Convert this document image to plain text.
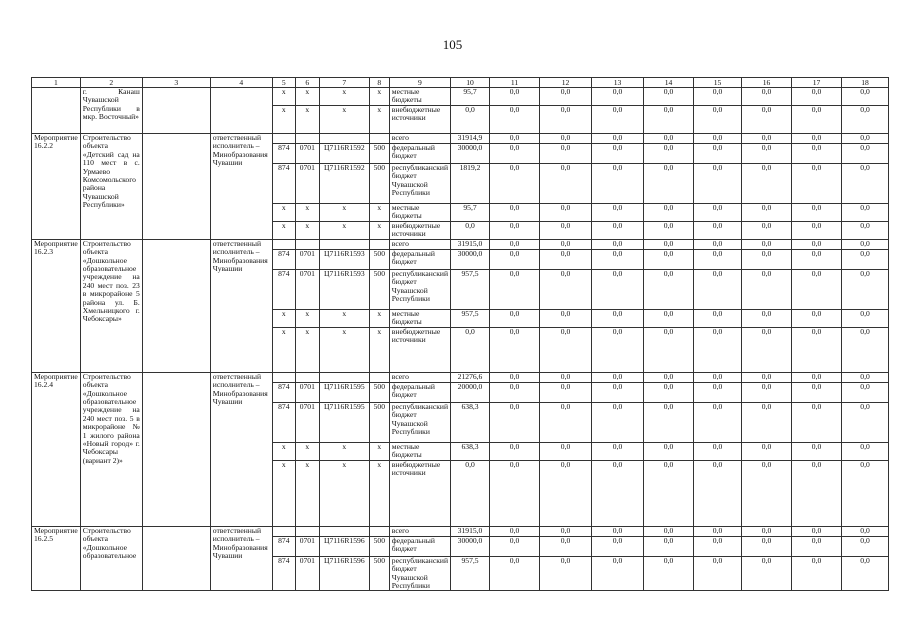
105
1	2	3	4	5	6	7	8	9	10	11	12	13	14	15	16	17	18
	г. Канаш Чувашской Республики в мкр. Восточный»			x	x	x	x	местные бюджеты	95,7	0,0	0,0	0,0	0,0	0,0	0,0	0,0	0,0
				x	x	x	x	внебюджетные источники	0,0	0,0	0,0	0,0	0,0	0,0	0,0	0,0	0,0
Мероприятие 16.2.2	Строительство объекта «Детский сад на 110 мест в с. Урмаево Комсомольского района Чувашской Республики»		ответственный исполнитель – Минобразования Чувашии					всего	31914,9	0,0	0,0	0,0	0,0	0,0	0,0	0,0	0,0
				874	0701	Ц7116R1592	500	федеральный бюджет	30000,0	0,0	0,0	0,0	0,0	0,0	0,0	0,0	0,0
				874	0701	Ц7116R1592	500	республиканский бюджет Чувашской Республики	1819,2	0,0	0,0	0,0	0,0	0,0	0,0	0,0	0,0
				x	x	x	x	местные бюджеты	95,7	0,0	0,0	0,0	0,0	0,0	0,0	0,0	0,0
				x	x	x	x	внебюджетные источники	0,0	0,0	0,0	0,0	0,0	0,0	0,0	0,0	0,0
Мероприятие 16.2.3	Строительство объекта «Дошкольное образовательное учреждение на 240 мест поз. 23 в микрорайоне 5 района ул. Б. Хмельницкого г. Чебоксары»		ответственный исполнитель – Минобразования Чувашии					всего	31915,0	0,0	0,0	0,0	0,0	0,0	0,0	0,0	0,0
				874	0701	Ц7116R1593	500	федеральный бюджет	30000,0	0,0	0,0	0,0	0,0	0,0	0,0	0,0	0,0
				874	0701	Ц7116R1593	500	республиканский бюджет Чувашской Республики	957,5	0,0	0,0	0,0	0,0	0,0	0,0	0,0	0,0
				x	x	x	x	местные бюджеты	957,5	0,0	0,0	0,0	0,0	0,0	0,0	0,0	0,0
				x	x	x	x	внебюджетные источники	0,0	0,0	0,0	0,0	0,0	0,0	0,0	0,0	0,0
Мероприятие 16.2.4	Строительство объекта «Дошкольное образовательное учреждение на 240 мест поз. 5 в микрорайоне № 1 жилого района «Новый город» г. Чебоксары (вариант 2)»		ответственный исполнитель – Минобразования Чувашии					всего	21276,6	0,0	0,0	0,0	0,0	0,0	0,0	0,0	0,0
				874	0701	Ц7116R1595	500	федеральный бюджет	20000,0	0,0	0,0	0,0	0,0	0,0	0,0	0,0	0,0
				874	0701	Ц7116R1595	500	республиканский бюджет Чувашской Республики	638,3	0,0	0,0	0,0	0,0	0,0	0,0	0,0	0,0
				x	x	x	x	местные бюджеты	638,3	0,0	0,0	0,0	0,0	0,0	0,0	0,0	0,0
				x	x	x	x	внебюджетные источники	0,0	0,0	0,0	0,0	0,0	0,0	0,0	0,0	0,0
Мероприятие 16.2.5	Строительство объекта «Дошкольное образовательное		ответственный исполнитель – Минобразования Чувашии					всего	31915,0	0,0	0,0	0,0	0,0	0,0	0,0	0,0	0,0
				874	0701	Ц7116R1596	500	федеральный бюджет	30000,0	0,0	0,0	0,0	0,0	0,0	0,0	0,0	0,0
				874	0701	Ц7116R1596	500	республиканский бюджет Чувашской Республики	957,5	0,0	0,0	0,0	0,0	0,0	0,0	0,0	0,0
